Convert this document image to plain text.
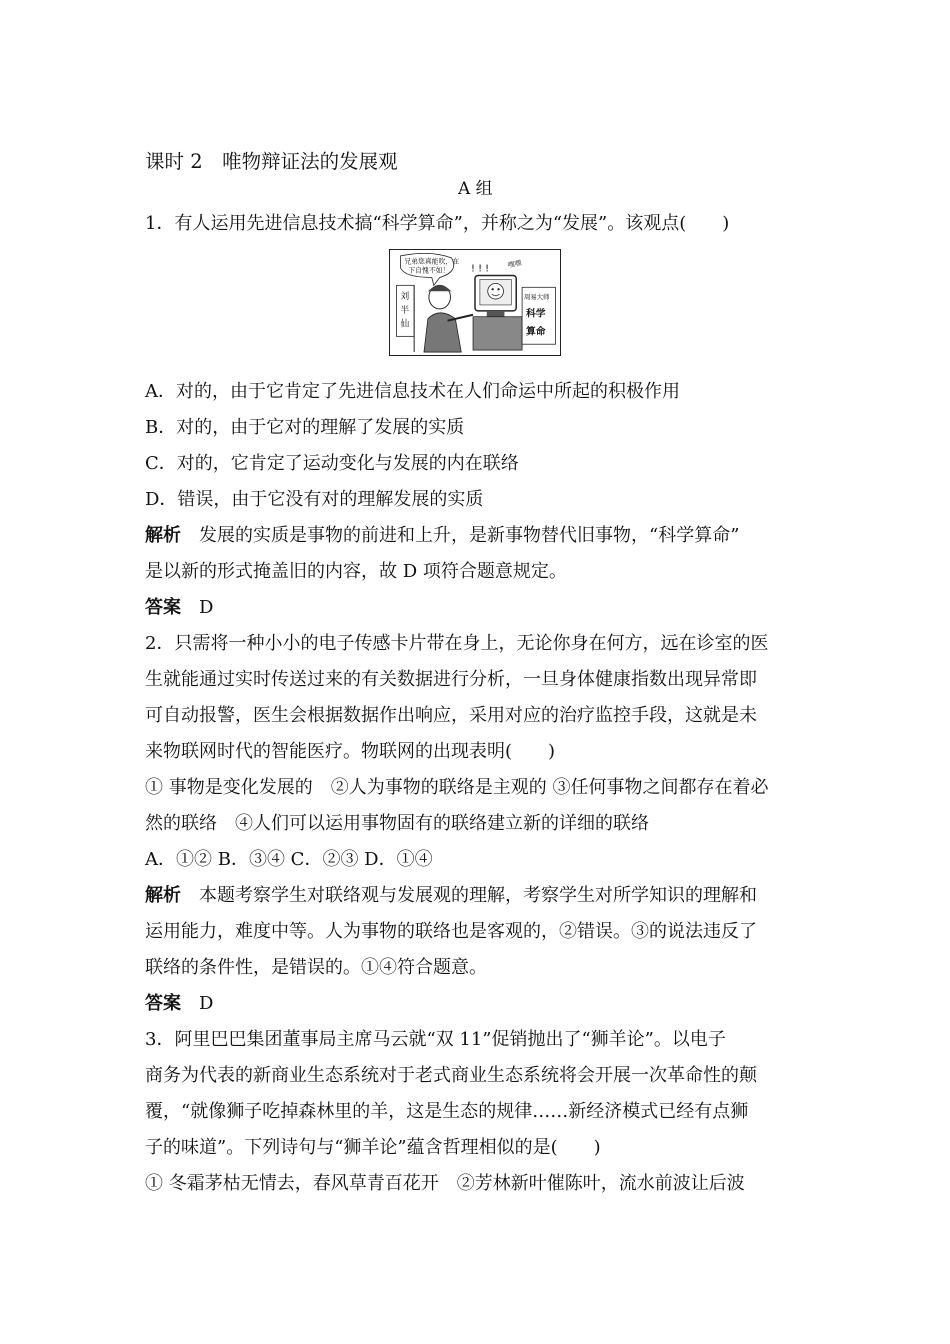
课时 2　唯物辩证法的发展观
A 组
1．有人运用先进信息技术搞“科学算命”，并称之为“发展”。该观点(　　)
兄弟您真能吹，在
下自愧不如！
嘿嘿
! ! !
刘
半
仙
周易大师
科学
算命
A．对的，由于它肯定了先进信息技术在人们命运中所起的积极作用
B．对的，由于它对的理解了发展的实质
C．对的，它肯定了运动变化与发展的内在联络
D．错误，由于它没有对的理解发展的实质
解析　 发展的实质是事物的前进和上升，是新事物替代旧事物，“科学算命”
是以新的形式掩盖旧的内容，故 D 项符合题意规定。
答案　 D
2．只需将一种小小的电子传感卡片带在身上，无论你身在何方，远在诊室的医
生就能通过实时传送过来的有关数据进行分析，一旦身体健康指数出现异常即
可自动报警，医生会根据数据作出响应，采用对应的治疗监控手段，这就是未
来物联网时代的智能医疗。物联网的出现表明(　　)
① 事物是变化发展的　②人为事物的联络是主观的 ③任何事物之间都存在着必
然的联络　④人们可以运用事物固有的联络建立新的详细的联络
A．①② B．③④ C．②③ D．①④
解析　 本题考察学生对联络观与发展观的理解，考察学生对所学知识的理解和
运用能力，难度中等。人为事物的联络也是客观的，②错误。③的说法违反了
联络的条件性，是错误的。①④符合题意。
答案　 D
3．阿里巴巴集团董事局主席马云就“双 11”促销抛出了“狮羊论”。以电子
商务为代表的新商业生态系统对于老式商业生态系统将会开展一次革命性的颠
覆，“就像狮子吃掉森林里的羊，这是生态的规律……新经济模式已经有点狮
子的味道”。下列诗句与“狮羊论”蕴含哲理相似的是(　　)
① 冬霜茅枯无情去，春风草青百花开　②芳林新叶催陈叶，流水前波让后波
